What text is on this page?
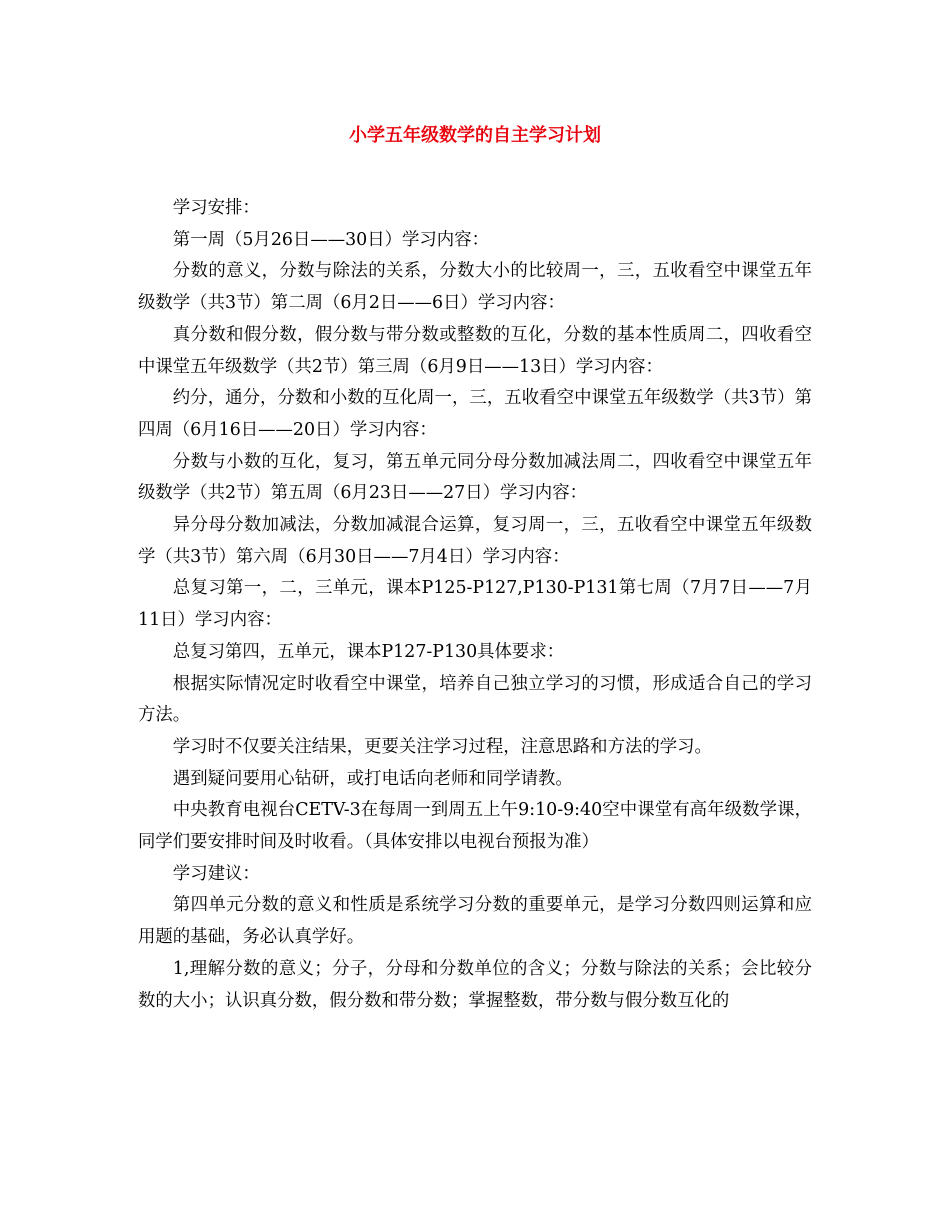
小学五年级数学的自主学习计划

学习安排：

第一周（5月26日——30日）学习内容：

分数的意义，分数与除法的关系，分数大小的比较周一，三，五收看空中课堂五年级数学（共3节）第二周（6月2日——6日）学习内容：

真分数和假分数，假分数与带分数或整数的互化，分数的基本性质周二，四收看空中课堂五年级数学（共2节）第三周（6月9日——13日）学习内容：

约分，通分，分数和小数的互化周一，三，五收看空中课堂五年级数学（共3节）第四周（6月16日——20日）学习内容：

分数与小数的互化，复习，第五单元同分母分数加减法周二，四收看空中课堂五年级数学（共2节）第五周（6月23日——27日）学习内容：

异分母分数加减法，分数加减混合运算，复习周一，三，五收看空中课堂五年级数学（共3节）第六周（6月30日——7月4日）学习内容：

总复习第一，二，三单元，课本P125-P127,P130-P131第七周（7月7日——7月11日）学习内容：

总复习第四，五单元，课本P127-P130具体要求：

根据实际情况定时收看空中课堂，培养自己独立学习的习惯，形成适合自己的学习方法。

学习时不仅要关注结果，更要关注学习过程，注意思路和方法的学习。

遇到疑问要用心钻研，或打电话向老师和同学请教。

中央教育电视台CETV-3在每周一到周五上午9:10-9:40空中课堂有高年级数学课，同学们要安排时间及时收看。（具体安排以电视台预报为准）

学习建议：

第四单元分数的意义和性质是系统学习分数的重要单元，是学习分数四则运算和应用题的基础，务必认真学好。

1,理解分数的意义；分子，分母和分数单位的含义；分数与除法的关系；会比较分数的大小；认识真分数，假分数和带分数；掌握整数，带分数与假分数互化的
